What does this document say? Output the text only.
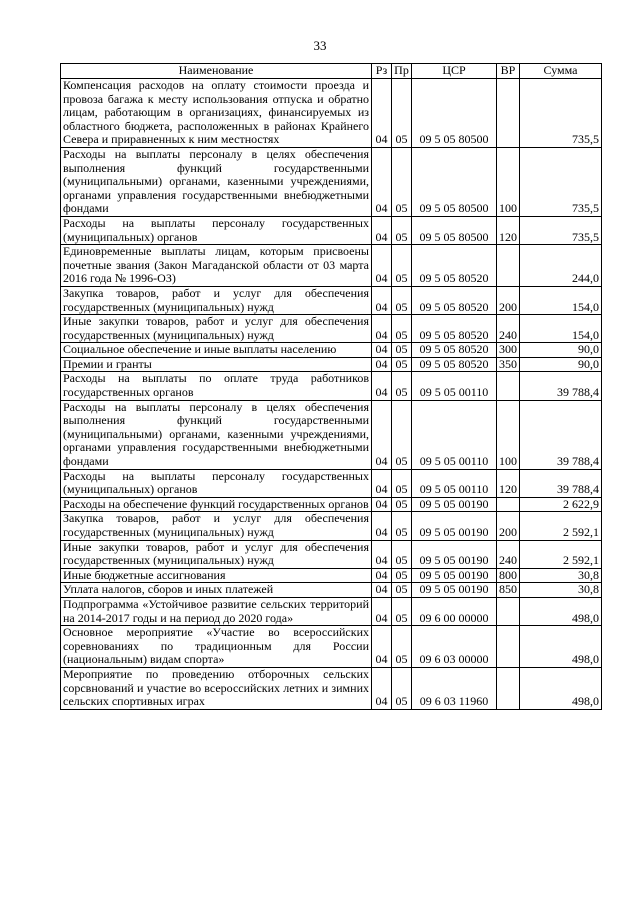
33
Наименование	Рз	Пр	ЦСР	ВР	Сумма
Компенсация расходов на оплату стоимости проезда и провоза багажа к месту использования отпуска и обратно лицам, работающим в организациях, финансируемых из областного бюджета, расположенных в районах Крайнего Севера и приравненных к ним местностях	04	05	09 5 05 80500		735,5
Расходы на выплаты персоналу в целях обеспечения выполнения функций государственными (муниципальными) органами, казенными учреждениями, органами управления государственными внебюджетными фондами	04	05	09 5 05 80500	100	735,5
Расходы на выплаты персоналу государственных (муниципальных) органов	04	05	09 5 05 80500	120	735,5
Единовременные выплаты лицам, которым присвоены почетные звания (Закон Магаданской области от 03 марта 2016 года № 1996-ОЗ)	04	05	09 5 05 80520		244,0
Закупка товаров, работ и услуг для обеспечения государственных (муниципальных) нужд	04	05	09 5 05 80520	200	154,0
Иные закупки товаров, работ и услуг для обеспечения государственных (муниципальных) нужд	04	05	09 5 05 80520	240	154,0
Социальное обеспечение и иные выплаты населению	04	05	09 5 05 80520	300	90,0
Премии и гранты	04	05	09 5 05 80520	350	90,0
Расходы на выплаты по оплате труда работников государственных органов	04	05	09 5 05 00110		39 788,4
Расходы на выплаты персоналу в целях обеспечения выполнения функций государственными (муниципальными) органами, казенными учреждениями, органами управления государственными внебюджетными фондами	04	05	09 5 05 00110	100	39 788,4
Расходы на выплаты персоналу государственных (муниципальных) органов	04	05	09 5 05 00110	120	39 788,4
Расходы на обеспечение функций государственных органов	04	05	09 5 05 00190		2 622,9
Закупка товаров, работ и услуг для обеспечения государственных (муниципальных) нужд	04	05	09 5 05 00190	200	2 592,1
Иные закупки товаров, работ и услуг для обеспечения государственных (муниципальных) нужд	04	05	09 5 05 00190	240	2 592,1
Иные бюджетные ассигнования	04	05	09 5 05 00190	800	30,8
Уплата налогов, сборов и иных платежей	04	05	09 5 05 00190	850	30,8
Подпрограмма «Устойчивое развитие сельских территорий на 2014-2017 годы и на период до 2020 года»	04	05	09 6 00 00000		498,0
Основное мероприятие «Участие во всероссийских соревнованиях по традиционным для России (национальным) видам спорта»	04	05	09 6 03 00000		498,0
Мероприятие по проведению отборочных сельских сорсвнований и участие во всероссийских летних и зимних сельских спортивных играх	04	05	09 6 03 11960		498,0
